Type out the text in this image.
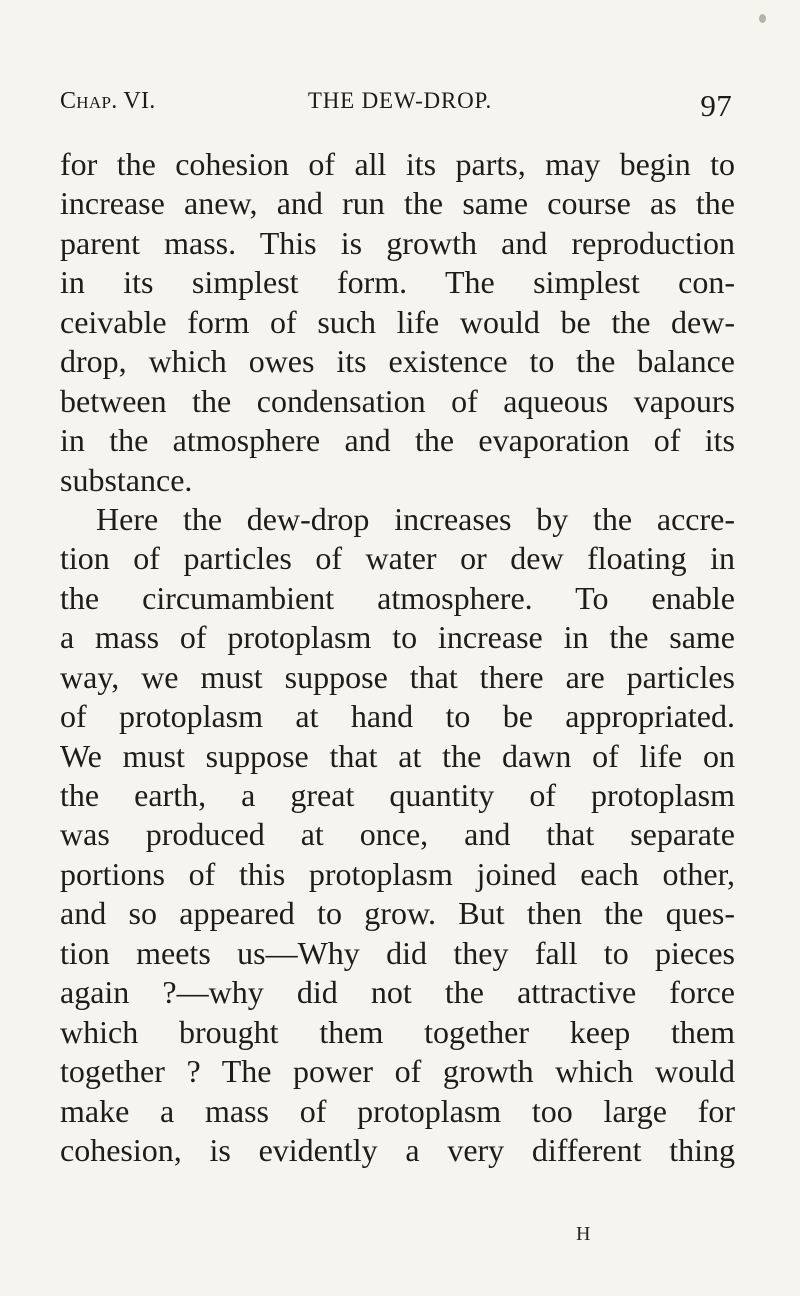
Chap. VI.	THE DEW-DROP.	97
for the cohesion of all its parts, may begin to
increase anew, and run the same course as the
parent mass. This is growth and reproduction
in its simplest form. The simplest con-
ceivable form of such life would be the dew-
drop, which owes its existence to the balance
between the condensation of aqueous vapours
in the atmosphere and the evaporation of its
substance.
Here the dew-drop increases by the accre-
tion of particles of water or dew floating in
the circumambient atmosphere. To enable
a mass of protoplasm to increase in the same
way, we must suppose that there are particles
of protoplasm at hand to be appropriated.
We must suppose that at the dawn of life on
the earth, a great quantity of protoplasm
was produced at once, and that separate
portions of this protoplasm joined each other,
and so appeared to grow. But then the ques-
tion meets us—Why did they fall to pieces
again ?—why did not the attractive force
which brought them together keep them
together ? The power of growth which would
make a mass of protoplasm too large for
cohesion, is evidently a very different thing
H
